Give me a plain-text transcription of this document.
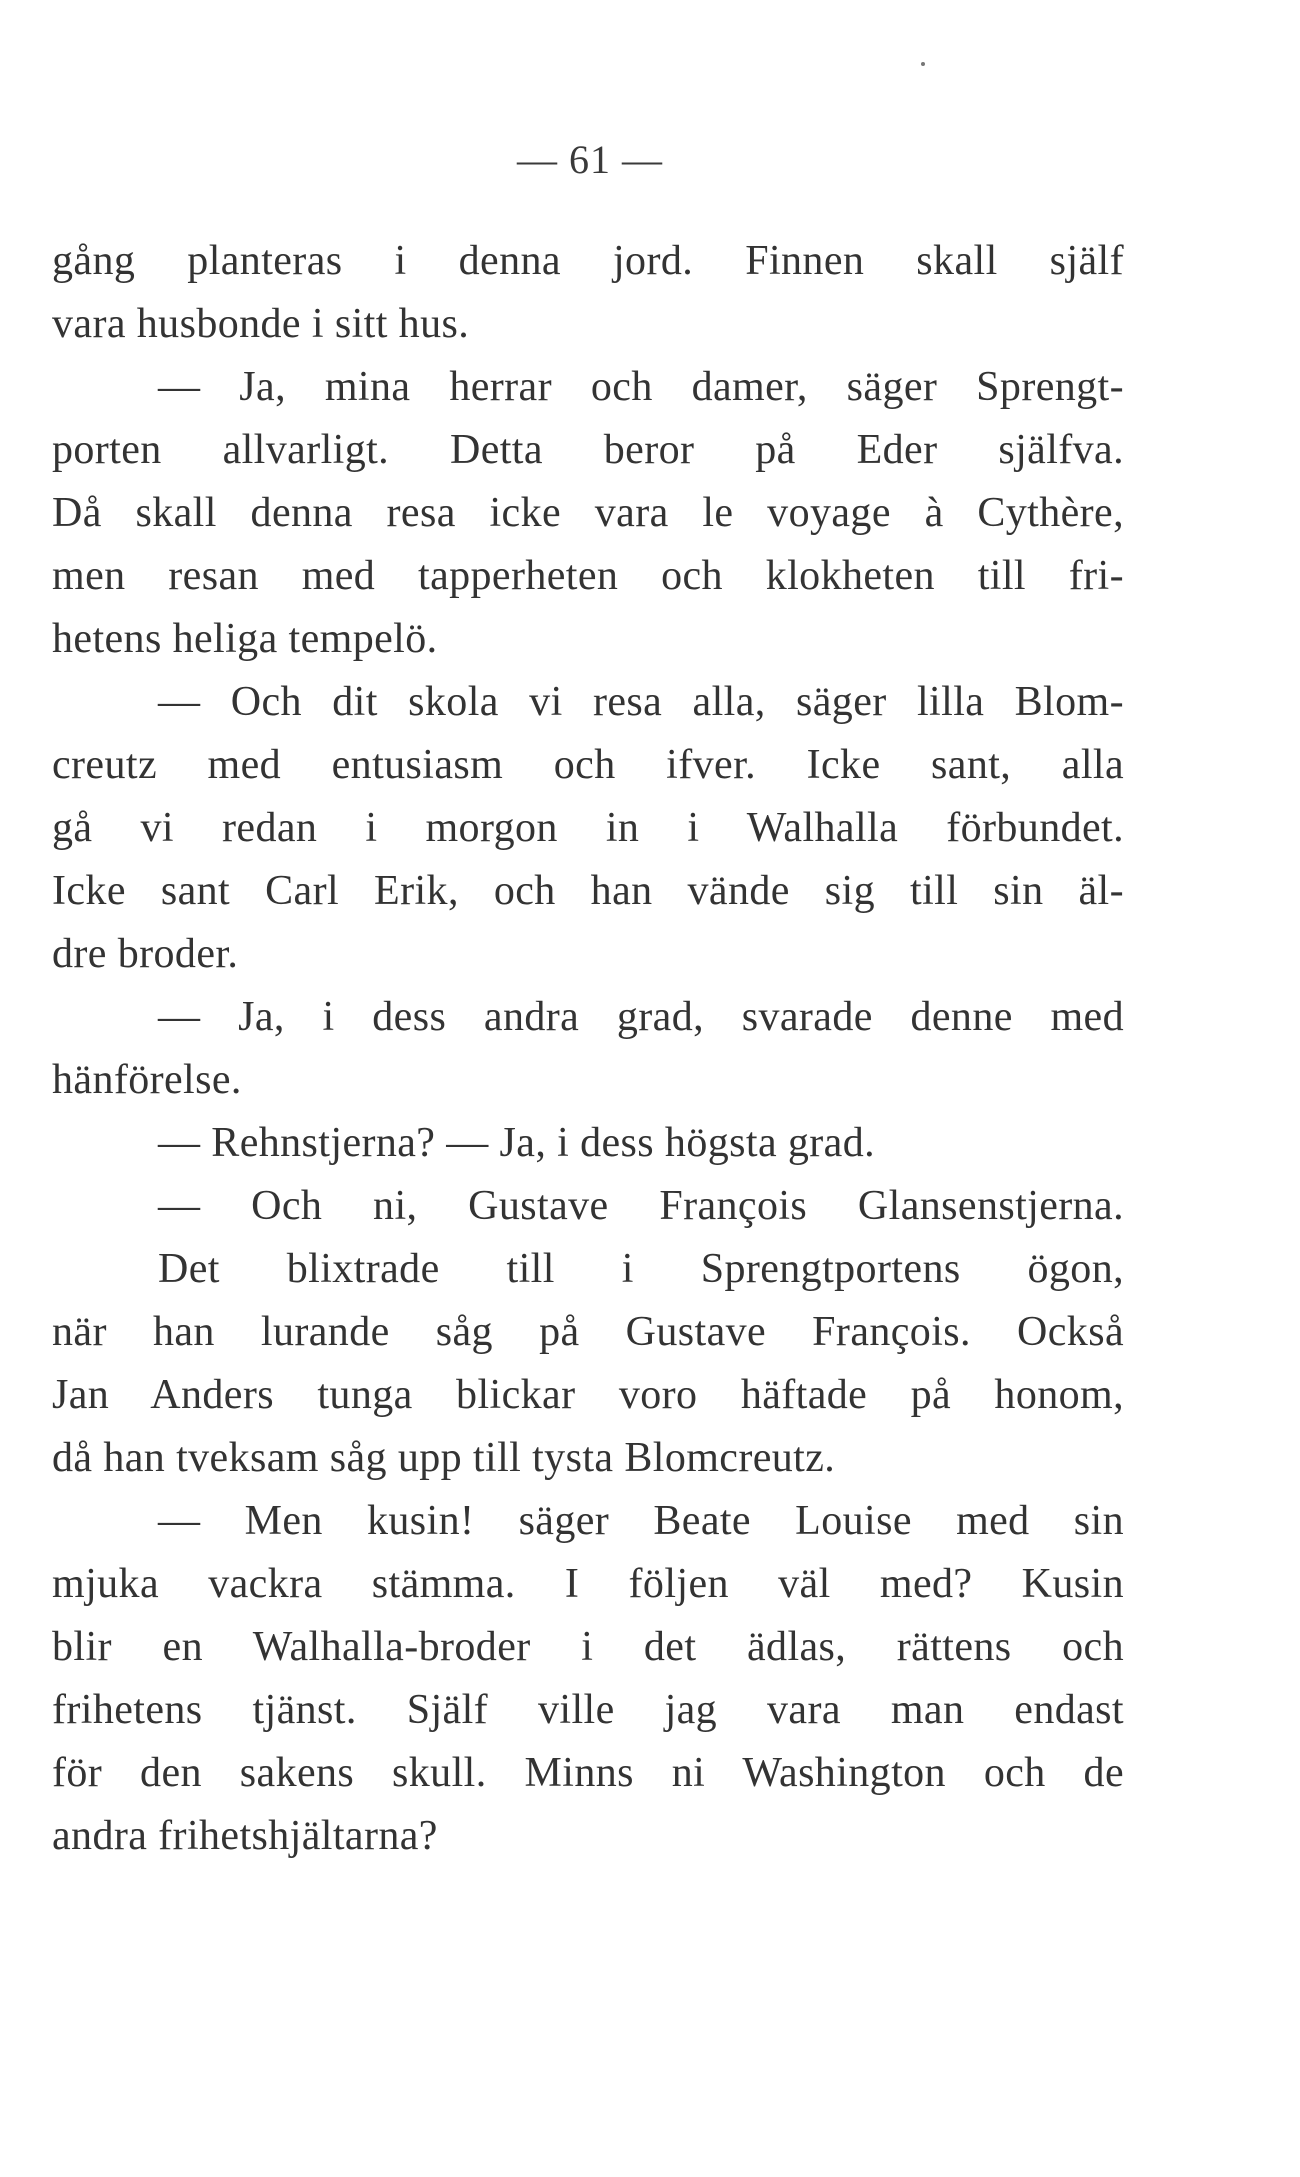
— 61 —
gång planteras i denna jord. Finnen skall själf
vara husbonde i sitt hus.
— Ja, mina herrar och damer, säger Sprengt-
porten allvarligt. Detta beror på Eder själfva.
Då skall denna resa icke vara le voyage à Cythère,
men resan med tapperheten och klokheten till fri-
hetens heliga tempelö.
— Och dit skola vi resa alla, säger lilla Blom-
creutz med entusiasm och ifver. Icke sant, alla
gå vi redan i morgon in i Walhalla förbundet.
Icke sant Carl Erik, och han vände sig till sin äl-
dre broder.
— Ja, i dess andra grad, svarade denne med
hänförelse.
— Rehnstjerna? — Ja, i dess högsta grad.
— Och ni, Gustave François Glansenstjerna.
Det blixtrade till i Sprengtportens ögon,
när han lurande såg på Gustave François. Också
Jan Anders tunga blickar voro häftade på honom,
då han tveksam såg upp till tysta Blomcreutz.
— Men kusin! säger Beate Louise med sin
mjuka vackra stämma. I följen väl med? Kusin
blir en Walhalla-broder i det ädlas, rättens och
frihetens tjänst. Själf ville jag vara man endast
för den sakens skull. Minns ni Washington och de
andra frihetshjältarna?
